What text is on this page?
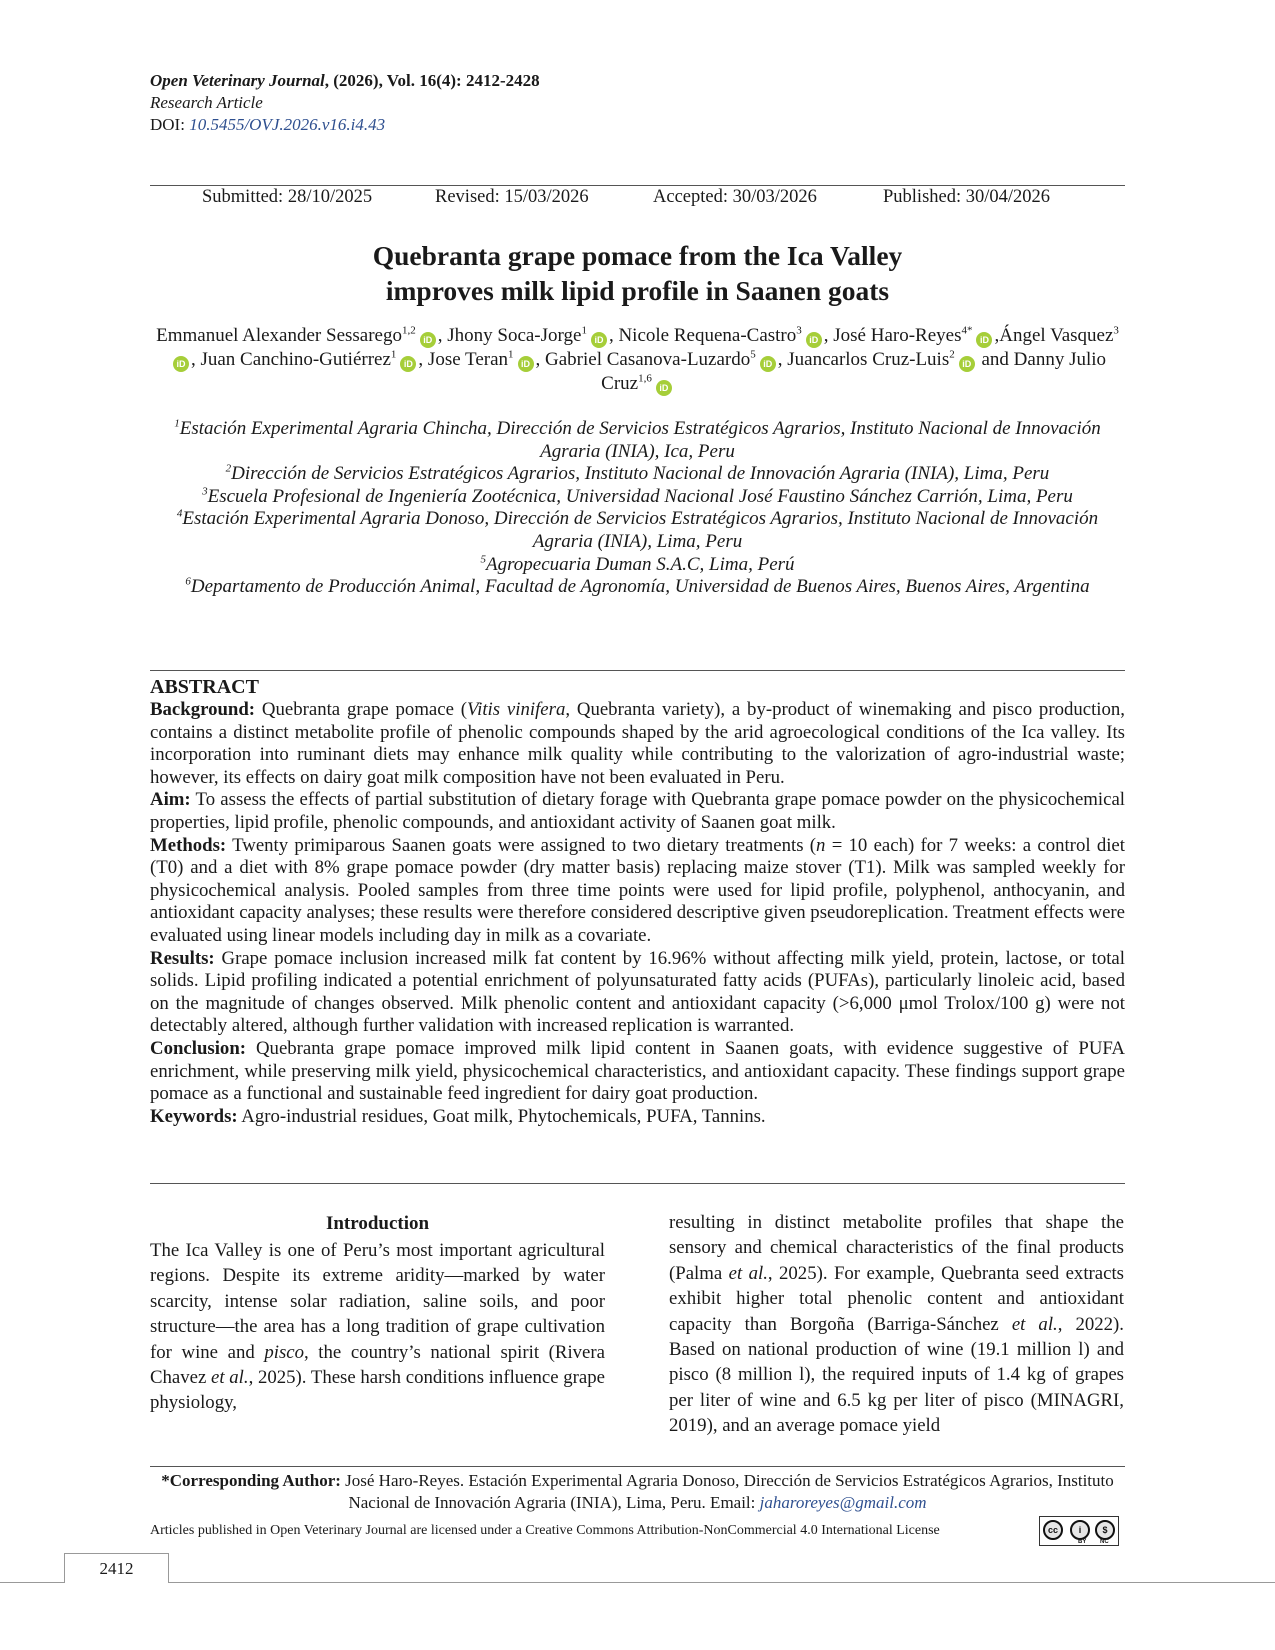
Open Veterinary Journal, (2026), Vol. 16(4): 2412-2428
Research Article
DOI: 10.5455/OVJ.2026.v16.i4.43
Submitted: 28/10/2025	Revised: 15/03/2026	Accepted: 30/03/2026	Published: 30/04/2026
Quebranta grape pomace from the Ica Valley
improves milk lipid profile in Saanen goats
Emmanuel Alexander Sessarego$^{1,2}$iD , Jhony Soca-Jorge$^1$iD , Nicole Requena-Castro$^3$iD , José Haro-Reyes$^{4*}$iD ,Ángel Vasquez$^3$iD , Juan Canchino-Gutiérrez$^1$iD , Jose Teran$^1$iD , Gabriel Casanova-Luzardo$^5$iD , Juancarlos Cruz-Luis$^2$iD and Danny Julio Cruz$^{1,6}$iD
$^1$Estación Experimental Agraria Chincha, Dirección de Servicios Estratégicos Agrarios, Instituto Nacional de Innovación Agraria (INIA), Ica, Peru
$^2$Dirección de Servicios Estratégicos Agrarios, Instituto Nacional de Innovación Agraria (INIA), Lima, Peru
$^3$Escuela Profesional de Ingeniería Zootécnica, Universidad Nacional José Faustino Sánchez Carrión, Lima, Peru
$^4$Estación Experimental Agraria Donoso, Dirección de Servicios Estratégicos Agrarios, Instituto Nacional de Innovación Agraria (INIA), Lima, Peru
$^5$Agropecuaria Duman S.A.C, Lima, Perú
$^6$Departamento de Producción Animal, Facultad de Agronomía, Universidad de Buenos Aires, Buenos Aires, Argentina
ABSTRACT

Background: Quebranta grape pomace (Vitis vinifera, Quebranta variety), a by-product of winemaking and pisco production, contains a distinct metabolite profile of phenolic compounds shaped by the arid agroecological conditions of the Ica valley. Its incorporation into ruminant diets may enhance milk quality while contributing to the valorization of agro-industrial waste; however, its effects on dairy goat milk composition have not been evaluated in Peru.

Aim: To assess the effects of partial substitution of dietary forage with Quebranta grape pomace powder on the physicochemical properties, lipid profile, phenolic compounds, and antioxidant activity of Saanen goat milk.

Methods: Twenty primiparous Saanen goats were assigned to two dietary treatments (n = 10 each) for 7 weeks: a control diet (T0) and a diet with 8% grape pomace powder (dry matter basis) replacing maize stover (T1). Milk was sampled weekly for physicochemical analysis. Pooled samples from three time points were used for lipid profile, polyphenol, anthocyanin, and antioxidant capacity analyses; these results were therefore considered descriptive given pseudoreplication. Treatment effects were evaluated using linear models including day in milk as a covariate.

Results: Grape pomace inclusion increased milk fat content by 16.96% without affecting milk yield, protein, lactose, or total solids. Lipid profiling indicated a potential enrichment of polyunsaturated fatty acids (PUFAs), particularly linoleic acid, based on the magnitude of changes observed. Milk phenolic content and antioxidant capacity (>6,000 μmol Trolox/100 g) were not detectably altered, although further validation with increased replication is warranted.

Conclusion: Quebranta grape pomace improved milk lipid content in Saanen goats, with evidence suggestive of PUFA enrichment, while preserving milk yield, physicochemical characteristics, and antioxidant capacity. These findings support grape pomace as a functional and sustainable feed ingredient for dairy goat production.

Keywords: Agro-industrial residues, Goat milk, Phytochemicals, PUFA, Tannins.

Introduction

The Ica Valley is one of Peru’s most important agricultural regions. Despite its extreme aridity—marked by water scarcity, intense solar radiation, saline soils, and poor structure—the area has a long tradition of grape cultivation for wine and pisco, the country’s national spirit (Rivera Chavez et al., 2025). These harsh conditions influence grape physiology,

resulting in distinct metabolite profiles that shape the sensory and chemical characteristics of the final products (Palma et al., 2025). For example, Quebranta seed extracts exhibit higher total phenolic content and antioxidant capacity than Borgoña (Barriga-Sánchez et al., 2022). Based on national production of wine (19.1 million l) and pisco (8 million l), the required inputs of 1.4 kg of grapes per liter of wine and 6.5 kg per liter of pisco (MINAGRI, 2019), and an average pomace yield

*Corresponding Author: José Haro-Reyes. Estación Experimental Agraria Donoso, Dirección de Servicios Estratégicos Agrarios, Instituto Nacional de Innovación Agraria (INIA), Lima, Peru. Email: jaharoreyes@gmail.com
Articles published in Open Veterinary Journal are licensed under a Creative Commons Attribution-NonCommercial 4.0 International License	cc	i	$
BY NC
2412
